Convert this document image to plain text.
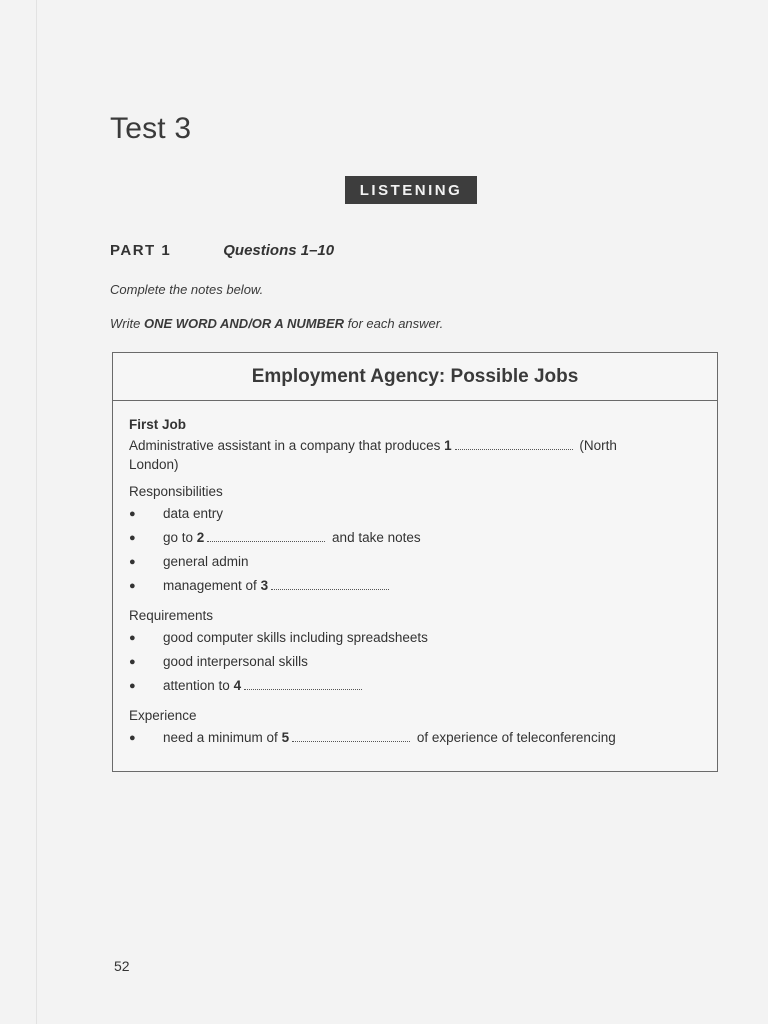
Test 3
LISTENING
PART 1	Questions 1–10
Complete the notes below.
Write ONE WORD AND/OR A NUMBER for each answer.
Employment Agency: Possible Jobs
First Job

Administrative assistant in a company that produces 1	(North London)

Responsibilities
● data entry
● go to 2	and take notes
● general admin
● management of 3
Requirements
● good computer skills including spreadsheets
● good interpersonal skills
● attention to 4
Experience
● need a minimum of 5	of experience of teleconferencing
52
